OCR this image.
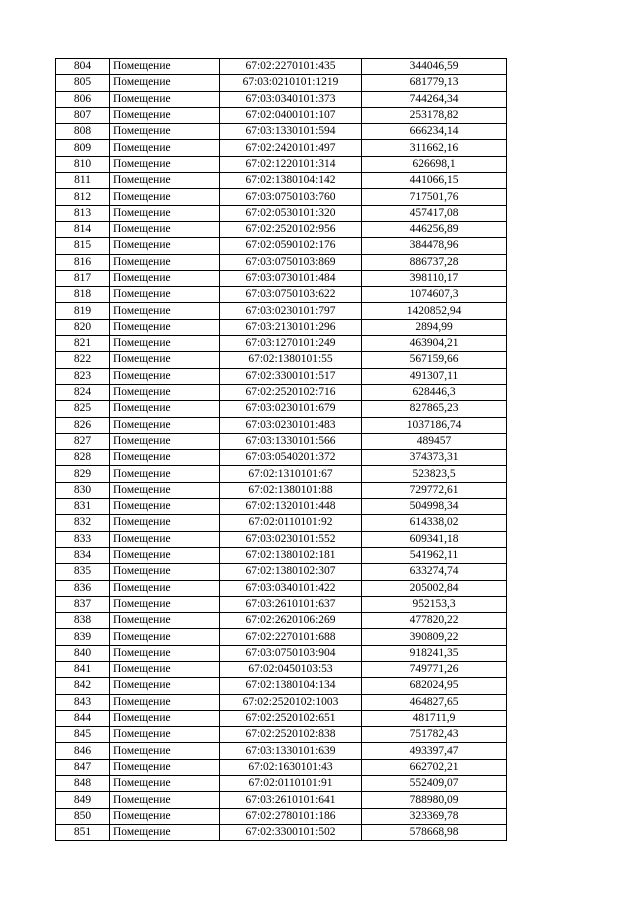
804	Помещение	67:02:2270101:435	344046,59
805	Помещение	67:03:0210101:1219	681779,13
806	Помещение	67:03:0340101:373	744264,34
807	Помещение	67:02:0400101:107	253178,82
808	Помещение	67:03:1330101:594	666234,14
809	Помещение	67:02:2420101:497	311662,16
810	Помещение	67:02:1220101:314	626698,1
811	Помещение	67:02:1380104:142	441066,15
812	Помещение	67:03:0750103:760	717501,76
813	Помещение	67:02:0530101:320	457417,08
814	Помещение	67:02:2520102:956	446256,89
815	Помещение	67:02:0590102:176	384478,96
816	Помещение	67:03:0750103:869	886737,28
817	Помещение	67:03:0730101:484	398110,17
818	Помещение	67:03:0750103:622	1074607,3
819	Помещение	67:03:0230101:797	1420852,94
820	Помещение	67:03:2130101:296	2894,99
821	Помещение	67:03:1270101:249	463904,21
822	Помещение	67:02:1380101:55	567159,66
823	Помещение	67:02:3300101:517	491307,11
824	Помещение	67:02:2520102:716	628446,3
825	Помещение	67:03:0230101:679	827865,23
826	Помещение	67:03:0230101:483	1037186,74
827	Помещение	67:03:1330101:566	489457
828	Помещение	67:03:0540201:372	374373,31
829	Помещение	67:02:1310101:67	523823,5
830	Помещение	67:02:1380101:88	729772,61
831	Помещение	67:02:1320101:448	504998,34
832	Помещение	67:02:0110101:92	614338,02
833	Помещение	67:03:0230101:552	609341,18
834	Помещение	67:02:1380102:181	541962,11
835	Помещение	67:02:1380102:307	633274,74
836	Помещение	67:03:0340101:422	205002,84
837	Помещение	67:03:2610101:637	952153,3
838	Помещение	67:02:2620106:269	477820,22
839	Помещение	67:02:2270101:688	390809,22
840	Помещение	67:03:0750103:904	918241,35
841	Помещение	67:02:0450103:53	749771,26
842	Помещение	67:02:1380104:134	682024,95
843	Помещение	67:02:2520102:1003	464827,65
844	Помещение	67:02:2520102:651	481711,9
845	Помещение	67:02:2520102:838	751782,43
846	Помещение	67:03:1330101:639	493397,47
847	Помещение	67:02:1630101:43	662702,21
848	Помещение	67:02:0110101:91	552409,07
849	Помещение	67:03:2610101:641	788980,09
850	Помещение	67:02:2780101:186	323369,78
851	Помещение	67:02:3300101:502	578668,98
